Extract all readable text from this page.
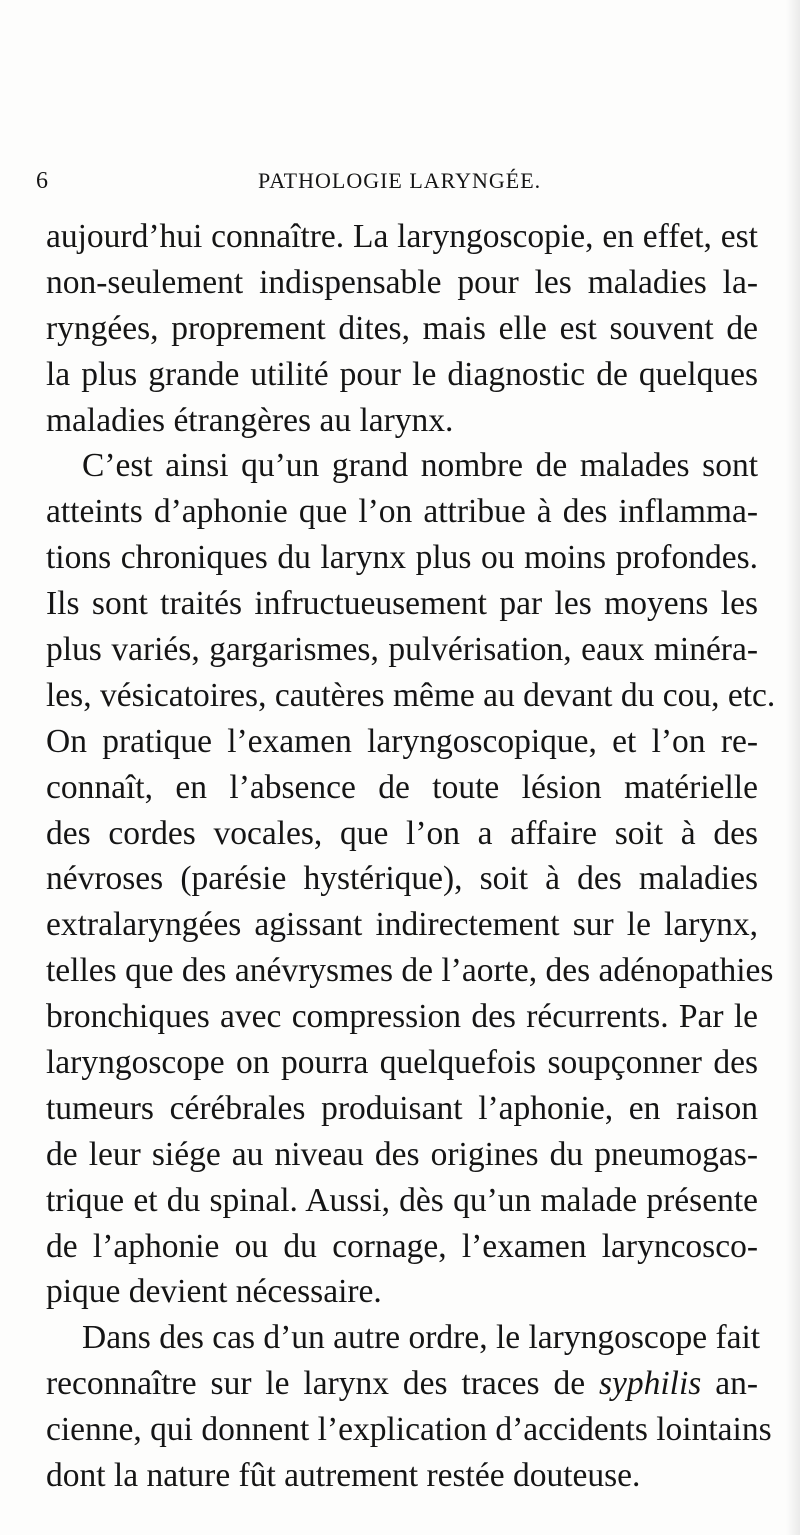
6	PATHOLOGIE LARYNGÉE.
aujourd’hui connaître. La laryngoscopie, en effet, est
non-seulement indispensable pour les maladies la-
ryngées, proprement dites, mais elle est souvent de
la plus grande utilité pour le diagnostic de quelques
maladies étrangères au larynx.
C’est ainsi qu’un grand nombre de malades sont
atteints d’aphonie que l’on attribue à des inflamma-
tions chroniques du larynx plus ou moins profondes.
Ils sont traités infructueusement par les moyens les
plus variés, gargarismes, pulvérisation, eaux minéra-
les, vésicatoires, cautères même au devant du cou, etc.
On pratique l’examen laryngoscopique, et l’on re-
connaît, en l’absence de toute lésion matérielle
des cordes vocales, que l’on a affaire soit à des
névroses (parésie hystérique), soit à des maladies
extralaryngées agissant indirectement sur le larynx,
telles que des anévrysmes de l’aorte, des adénopathies
bronchiques avec compression des récurrents. Par le
laryngoscope on pourra quelquefois soupçonner des
tumeurs cérébrales produisant l’aphonie, en raison
de leur siége au niveau des origines du pneumogas-
trique et du spinal. Aussi, dès qu’un malade présente
de l’aphonie ou du cornage, l’examen laryncosco-
pique devient nécessaire.
Dans des cas d’un autre ordre, le laryngoscope fait
reconnaître sur le larynx des traces de syphilis an-
cienne, qui donnent l’explication d’accidents lointains
dont la nature fût autrement restée douteuse.
